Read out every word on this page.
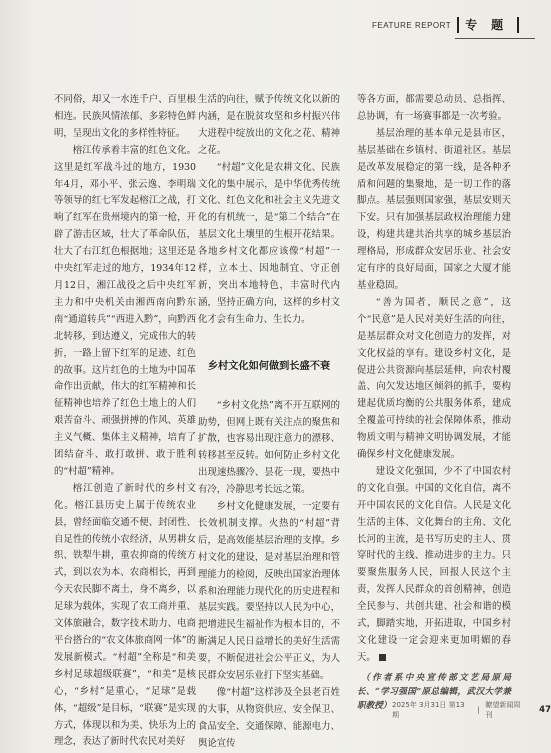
FEATURE REPORT	专题

不同俗，却又一水连千户、百里根相连。民族风情浓郁、多彩特色鲜明，呈现出文化的多样性特征。

榕江传承着丰富的红色文化。这里是红军战斗过的地方，1930年4月，邓小平、张云逸、李明瑞等领导的红七军发起榕江之战，打响了红军在贵州境内的第一枪，开辟了游击区域，壮大了革命队伍，壮大了右江红色根据地；这里还是中央红军走过的地方，1934年12月12日，湘江战役之后中央红军主力和中央机关由湘西南向黔东南“通道转兵”“西进入黔”，向黔西北转移，到达遵义，完成伟大的转折，一路上留下红军的足迹、红色的故事。这片红色的土地为中国革命作出贡献，伟大的红军精神和长征精神也培养了红色土地上的人们艰苦奋斗、顽强拼搏的作风、英雄主义气概、集体主义精神，培育了团结奋斗、敢打敢拼、敢于胜利的“村超”精神。

榕江创造了新时代的乡村文化。榕江县历史上属于传统农业县，曾经面临交通不便、封闭性、自足性的传统小农经济，从男耕女织、铁犁牛耕，重农抑商的传统方式，到以农为本、农商相长，再到今天农民脚不离土，身不离乡，以足球为载体，实现了农工商并重、文体旅融合，数字技术助力、电商平台搭台的“农文体旅商网一体”的发展新模式。“村超”全称是“和美乡村足球超级联赛”，“和美”是核心，“乡村”是重心，“足球”是载体，“超级”是目标，“联赛”是实现方式，体现以和为美、快乐为上的理念，表达了新时代农民对美好

生活的向往，赋予传统文化以新的内涵，是在脱贫攻坚和乡村振兴伟大进程中绽放出的文化之花、精神之花。

“村超”文化是农耕文化、民族文化的集中展示，是中华优秀传统文化、红色文化和社会主义先进文化的有机统一，是“第二个结合”在基层文化土壤里的生根开花结果。各地乡村文化都应该像“村超”一样，立本土、因地制宜、守正创新，突出本地特色，丰富时代内涵，坚持正确方向，这样的乡村文化才会有生命力、生长力。

乡村文化如何做到长盛不衰

“乡村文化热”离不开互联网的助势，但网上既有关注点的聚焦和扩散，也容易出现注意力的漂移、转移甚至反转。如何防止乡村文化出现速热骤冷、昙花一现，要热中有冷，冷静思考长远之策。

乡村文化健康发展，一定要有长效机制支撑。火热的“村超”背后，是高效能基层治理的支撑。乡村文化的建设，是对基层治理和管理能力的检阅，反映出国家治理体系和治理能力现代化的历史进程和基层实践。要坚持以人民为中心，把增进民生福祉作为根本目的，不断满足人民日益增长的美好生活需要，不断促进社会公平正义，为人民群众安居乐业打下坚实基础。

像“村超”这样涉及全县老百姓的大事，从物资供应、安全保卫、食品安全、交通保障、能源电力、舆论宣传

等各方面，都需要总动员、总指挥、总协调，有一场赛事都是一次考验。

基层治理的基本单元是县市区，基层基础在乡镇村、街道社区。基层是改革发展稳定的第一线，是各种矛盾和问题的集聚地，是一切工作的落脚点。基层强则国家强，基层安则天下安。只有加强基层政权治理能力建设，构建共建共治共享的城乡基层治理格局，形成群众安居乐业、社会安定有序的良好局面，国家之大厦才能基业稳固。

“善为国者，顺民之意”，这个“民意”是人民对美好生活的向往，是基层群众对文化创造力的发挥，对文化权益的享有。建设乡村文化，是促进公共资源向基层延伸，向农村覆盖、向欠发达地区倾斜的抓手，要构建起优质均衡的公共服务体系，建成全覆盖可持续的社会保障体系，推动物质文明与精神文明协调发展，才能确保乡村文化健康发展。

建设文化强国，少不了中国农村的文化自强。中国的文化自信，离不开中国农民的文化自信。人民是文化生活的主体、文化舞台的主角、文化长河的主流，是书写历史的主人、贯穿时代的主线、推动进步的主力。只要聚焦服务人民，回报人民这个主责，发挥人民群众的首创精神，创造全民参与、共创共建、社会和谐的模式，脚踏实地，开拓进取，中国乡村文化建设一定会迎来更加明媚的春天。

（作者系中央宣传部文艺局原局长、“学习强国”原总编辑，武汉大学兼职教授） 2025年 3月31日 第13期
|
瞭望新闻周刊	47
